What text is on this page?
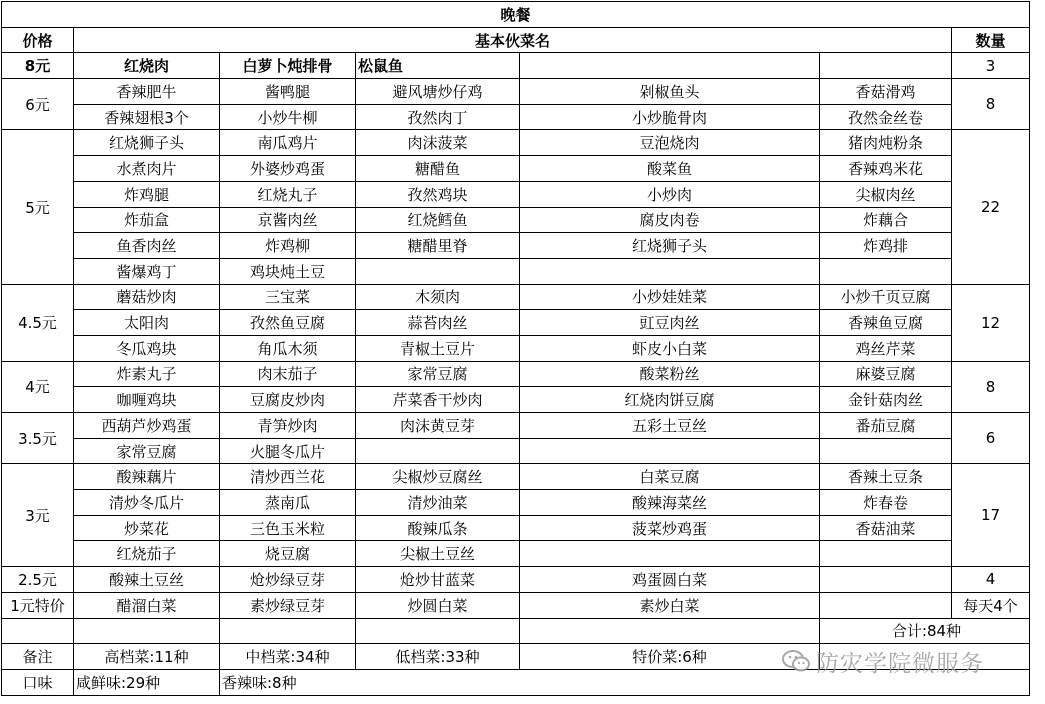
晚餐						
价格	基本伙菜名					数量
8元	红烧肉	白萝卜炖排骨	松鼠鱼			3
6元	香辣肥牛	酱鸭腿	避风塘炒仔鸡	剁椒鱼头	香菇滑鸡	8
	香辣翅根3个	小炒牛柳	孜然肉丁	小炒脆骨肉	孜然金丝卷	
5元	红烧狮子头	南瓜鸡片	肉沫菠菜	豆泡烧肉	猪肉炖粉条	22
	水煮肉片	外婆炒鸡蛋	糖醋鱼	酸菜鱼	香辣鸡米花	
	炸鸡腿	红烧丸子	孜然鸡块	小炒肉	尖椒肉丝	
	炸茄盒	京酱肉丝	红烧鳕鱼	腐皮肉卷	炸藕合	
	鱼香肉丝	炸鸡柳	糖醋里脊	红烧狮子头	炸鸡排	
	酱爆鸡丁	鸡块炖土豆				
4.5元	蘑菇炒肉	三宝菜	木须肉	小炒娃娃菜	小炒千页豆腐	12
	太阳肉	孜然鱼豆腐	蒜苔肉丝	豇豆肉丝	香辣鱼豆腐	
	冬瓜鸡块	角瓜木须	青椒土豆片	虾皮小白菜	鸡丝芹菜	
4元	炸素丸子	肉末茄子	家常豆腐	酸菜粉丝	麻婆豆腐	8
	咖喱鸡块	豆腐皮炒肉	芹菜香干炒肉	红烧肉饼豆腐	金针菇肉丝	
3.5元	西葫芦炒鸡蛋	青笋炒肉	肉沫黄豆芽	五彩土豆丝	番茄豆腐	6
	家常豆腐	火腿冬瓜片				
3元	酸辣藕片	清炒西兰花	尖椒炒豆腐丝	白菜豆腐	香辣土豆条	17
	清炒冬瓜片	蒸南瓜	清炒油菜	酸辣海菜丝	炸春卷	
	炒菜花	三色玉米粒	酸辣瓜条	菠菜炒鸡蛋	香菇油菜	
	红烧茄子	烧豆腐	尖椒土豆丝			
2.5元	酸辣土豆丝	炝炒绿豆芽	炝炒甘蓝菜	鸡蛋圆白菜		4
1元特价	醋溜白菜	素炒绿豆芽	炒圆白菜	素炒白菜		每天4个
					合计:84种	
备注	高档菜:11种	中档菜:34种	低档菜:33种	特价菜:6种		
口味	咸鲜味:29种	香辣味:8种				
防灾学院微服务
